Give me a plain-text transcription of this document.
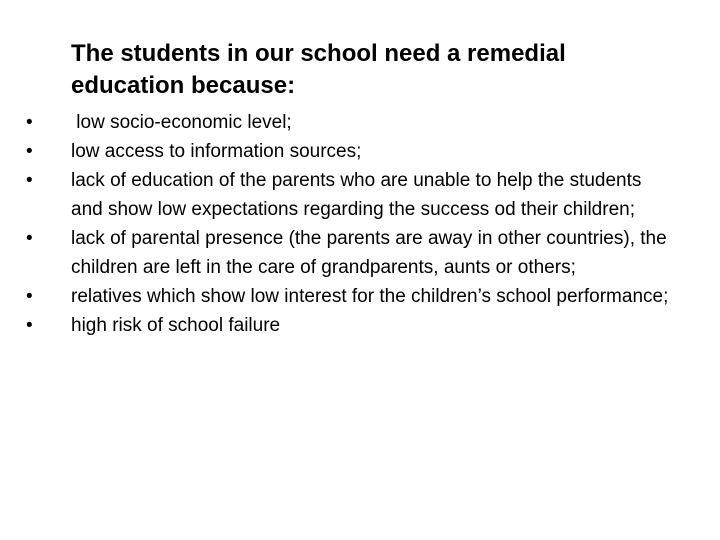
The students in our school need a remedial education because:
• low socio-economic level;
• low access to information sources;
• lack of education of the parents who are unable to help the students and show low expectations regarding the success od their children;
• lack of parental presence (the parents are away in other countries), the children are left in the care of grandparents, aunts or others;
• relatives which show low interest for the children’s school performance;
• high risk of school failure
